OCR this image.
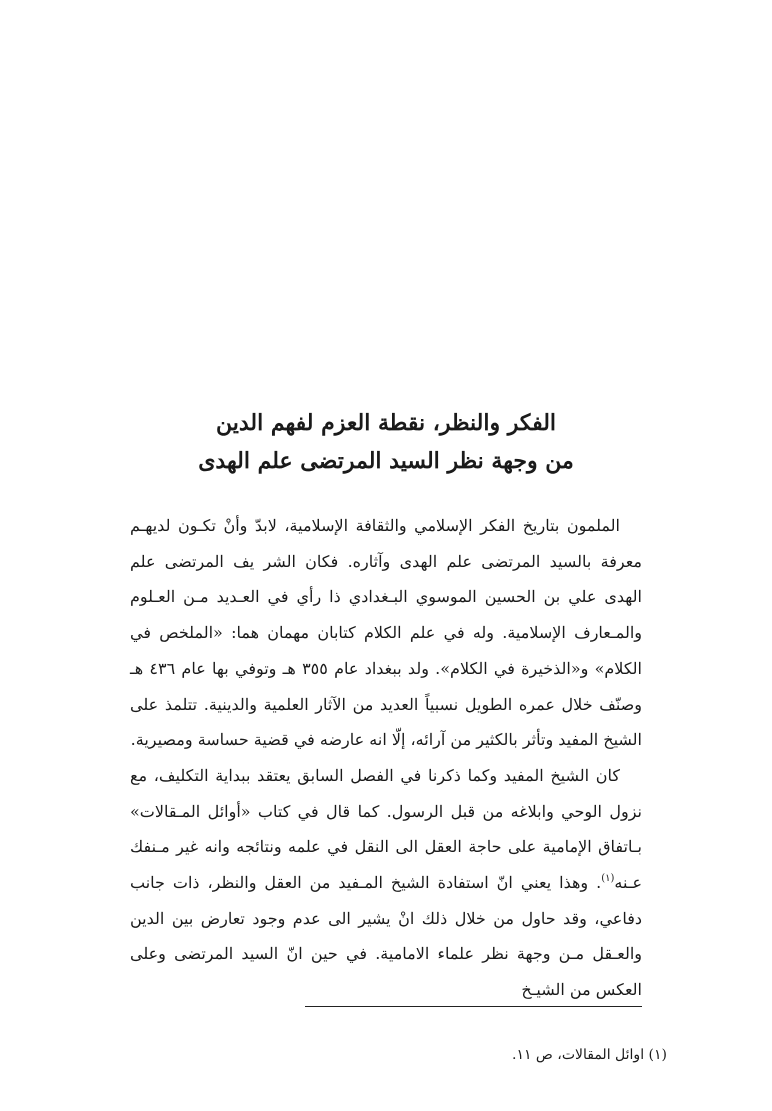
الفكر والنظر، نقطة العزم لفهم الدين
من وجهة نظر السيد المرتضى علم الهدى

الملمون بتاريخ الفكر الإسلامي والثقافة الإسلامية، لابدّ وأنْ تكـون لديهـم معرفة بالسيد المرتضى علم الهدى وآثاره. فكان الشر يف المرتضى علم الهدى علي بن الحسين الموسوي البـغدادي ذا رأي في العـديد مـن العـلوم والمـعارف الإسلامية. وله في علم الكلام كتابان مهمان هما: «الملخص في الكلام» و«الذخيرة في الكلام». ولد ببغداد عام ٣٥٥ هـ وتوفي بها عام ٤٣٦ هـ وصنّف خلال عمره الطويل نسبياً العديد من الآثار العلمية والدينية. تتلمذ على الشيخ المفيد وتأثر بالكثير من آرائه، إلّا انه عارضه في قضية حساسة ومصيرية.

كان الشيخ المفيد وكما ذكرنا في الفصل السابق يعتقد ببداية التكليف، مع نزول الوحي وابلاغه من قبل الرسول. كما قال في كتاب «أوائل المـقالات» بـاتفاق الإمامية على حاجة العقل الى النقل في علمه ونتائجه وانه غير مـنفك عـنه$^{(١)}$. وهذا يعني انّ استفادة الشيخ المـفيد من العقل والنظر، ذات جانب دفاعي، وقد حاول من خلال ذلك انْ يشير الى عدم وجود تعارض بين الدين والعـقل مـن وجهة نظر علماء الامامية. في حين انّ السيد المرتضى وعلى العكس من الشيـخ

(١) اوائل المقالات، ص ١١.
